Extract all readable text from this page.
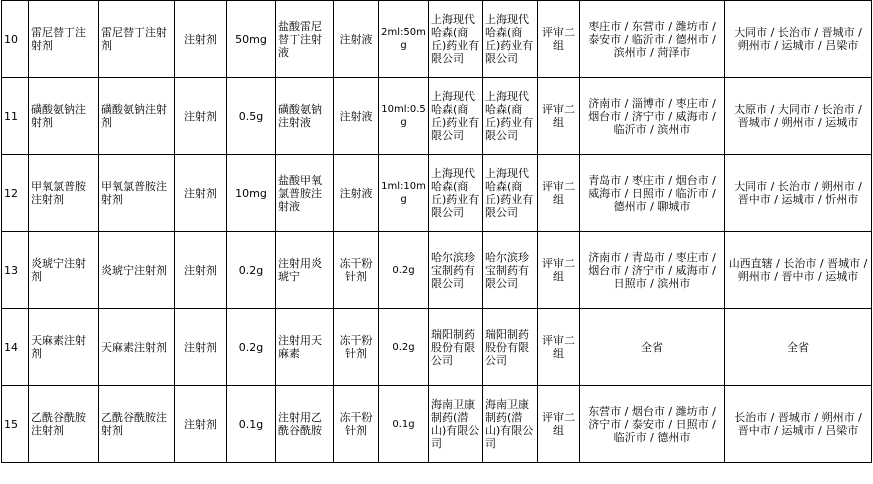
10	雷尼替丁注射剂	雷尼替丁注射剂	注射剂	50mg	盐酸雷尼替丁注射液	注射液	2ml:50mg	上海现代哈森(商丘)药业有限公司	上海现代哈森(商丘)药业有限公司	评审二组	枣庄市 / 东营市 / 潍坊市 / 泰安市 / 临沂市 / 德州市 / 滨州市 / 菏泽市	大同市 / 长治市 / 晋城市 / 朔州市 / 运城市 / 吕梁市
11	磺酸氨钠注射剂	磺酸氨钠注射剂	注射剂	0.5g	磺酸氨钠注射液	注射液	10ml:0.5g	上海现代哈森(商丘)药业有限公司	上海现代哈森(商丘)药业有限公司	评审二组	济南市 / 淄博市 / 枣庄市 / 烟台市 / 济宁市 / 威海市 / 临沂市 / 滨州市	太原市 / 大同市 / 长治市 / 晋城市 / 朔州市 / 运城市
12	甲氧氯普胺注射剂	甲氧氯普胺注射剂	注射剂	10mg	盐酸甲氧氯普胺注射液	注射液	1ml:10mg	上海现代哈森(商丘)药业有限公司	上海现代哈森(商丘)药业有限公司	评审二组	青岛市 / 枣庄市 / 烟台市 / 威海市 / 日照市 / 临沂市 / 德州市 / 聊城市	大同市 / 长治市 / 朔州市 / 晋中市 / 运城市 / 忻州市
13	炎琥宁注射剂	炎琥宁注射剂	注射剂	0.2g	注射用炎琥宁	冻干粉针剂	0.2g	哈尔滨珍宝制药有限公司	哈尔滨珍宝制药有限公司	评审二组	济南市 / 青岛市 / 枣庄市 / 烟台市 / 济宁市 / 威海市 / 日照市 / 滨州市	山西直辖 / 长治市 / 晋城市 / 朔州市 / 晋中市 / 运城市
14	天麻素注射剂	天麻素注射剂	注射剂	0.2g	注射用天麻素	冻干粉针剂	0.2g	瑞阳制药股份有限公司	瑞阳制药股份有限公司	评审二组	全省	全省
15	乙酰谷酰胺注射剂	乙酰谷酰胺注射剂	注射剂	0.1g	注射用乙酰谷酰胺	冻干粉针剂	0.1g	海南卫康制药(潜山)有限公司	海南卫康制药(潜山)有限公司	评审二组	东营市 / 烟台市 / 潍坊市 / 济宁市 / 泰安市 / 日照市 / 临沂市 / 德州市	长治市 / 晋城市 / 朔州市 / 晋中市 / 运城市 / 吕梁市
